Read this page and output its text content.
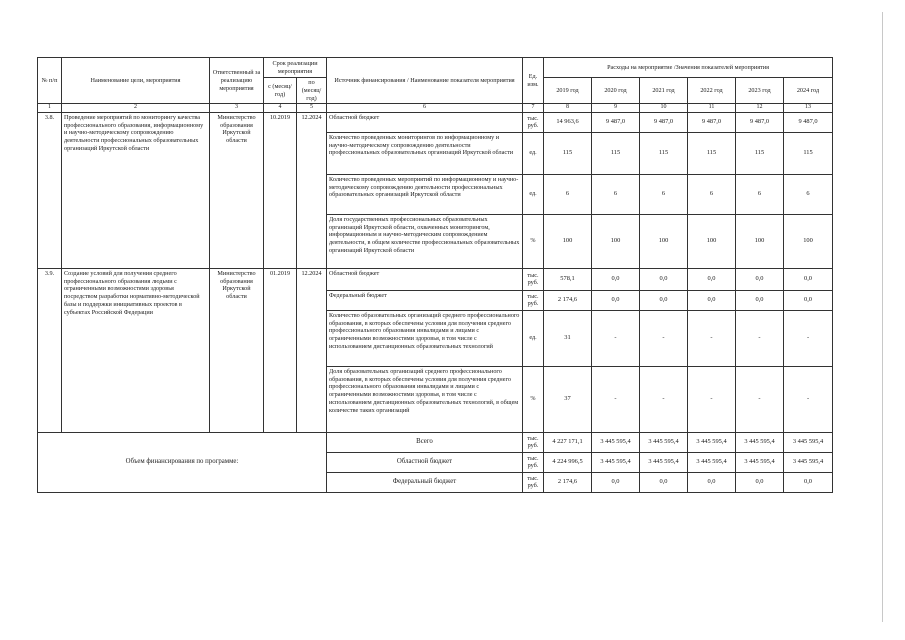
№ п/п	Наименование цели, мероприятия	Ответственный за реализацию мероприятия	Срок реализации мероприятия		Источник финансирования / Наименование показателя мероприятия	Ед. изм.	Расходы на мероприятие /Значения показателей мероприятия					
			с (месяц/ год)	по (месяц/ год)			2019 год	2020 год	2021 год	2022 год	2023 год	2024 год
1	2	3	4	5	6	7	8	9	10	11	12	13
3.8.	Проведение мероприятий по мониторингу качества профессионального образования, информационному и научно-методическому сопровождению деятельности профессиональных образовательных организаций Иркутской области	Министерство образования Иркутской области	10.2019	12.2024	Областной бюджет	тыс. руб.	14 963,6	9 487,0	9 487,0	9 487,0	9 487,0	9 487,0
					Количество проведенных мониторингов по информационному и научно-методическому сопровождению деятельности профессиональных образовательных организаций Иркутской области	ед.	115	115	115	115	115	115
					Количество проведенных мероприятий по информационному и научно-методическому сопровождению деятельности профессиональных образовательных организаций Иркутской области	ед.	6	6	6	6	6	6
					Доля государственных профессиональных образовательных организаций Иркутской области, охваченных мониторингом, информационным и научно-методическим сопровождением деятельности, в общем количестве профессиональных образовательных организаций Иркутской области	%	100	100	100	100	100	100
3.9.	Создание условий для получения среднего профессионального образования людьми с ограниченными возможностями здоровья посредством разработки нормативно-методической базы и поддержки инициативных проектов в субъектах Российской Федерации	Министерство образования Иркутской области	01.2019	12.2024	Областной бюджет	тыс. руб.	578,1	0,0	0,0	0,0	0,0	0,0
					Федеральный бюджет	тыс. руб.	2 174,6	0,0	0,0	0,0	0,0	0,0
					Количество образовательных организаций среднего профессионального образования, в которых обеспечены условия для получения среднего профессионального образования инвалидами и лицами с ограниченными возможностями здоровья, в том числе с использованием дистанционных образовательных технологий	ед.	31	-	-	-	-	-
					Доля образовательных организаций среднего профессионального образования, в которых обеспечены условия для получения среднего профессионального образования инвалидами и лицами с ограниченными возможностями здоровья, в том числе с использованием дистанционных образовательных технологий, в общем количестве таких организаций	%	37	-	-	-	-	-
Объем финансирования по программе:					Всего	тыс. руб.	4 227 171,1	3 445 595,4	3 445 595,4	3 445 595,4	3 445 595,4	3 445 595,4
					Областной бюджет	тыс. руб.	4 224 996,5	3 445 595,4	3 445 595,4	3 445 595,4	3 445 595,4	3 445 595,4
					Федеральный бюджет	тыс. руб.	2 174,6	0,0	0,0	0,0	0,0	0,0
